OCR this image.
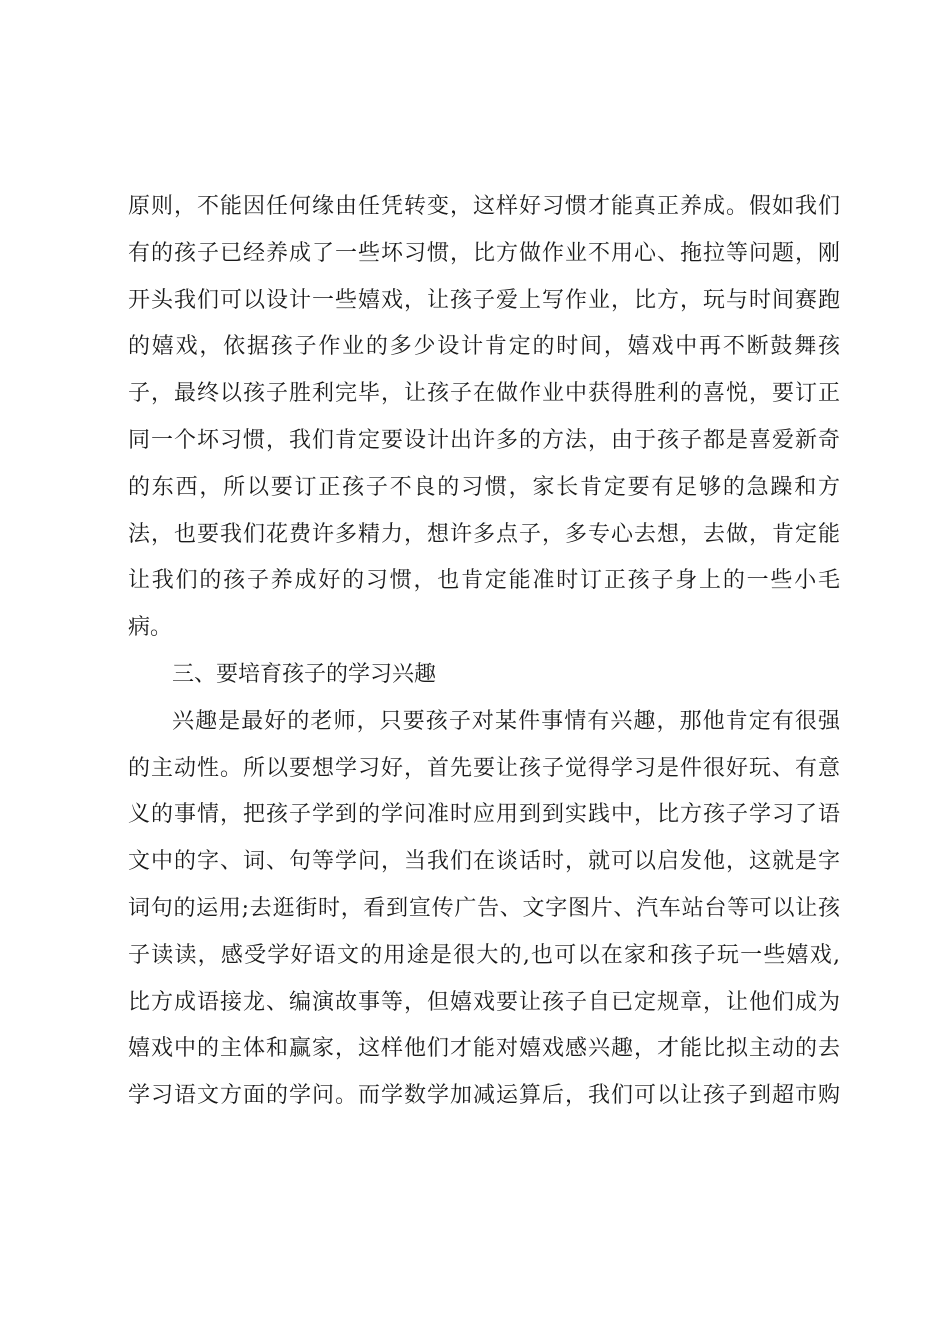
原则，不能因任何缘由任凭转变，这样好习惯才能真正养成。假如我们
有的孩子已经养成了一些坏习惯，比方做作业不用心、拖拉等问题，刚
开头我们可以设计一些嬉戏，让孩子爱上写作业，比方，玩与时间赛跑
的嬉戏，依据孩子作业的多少设计肯定的时间，嬉戏中再不断鼓舞孩
子，最终以孩子胜利完毕，让孩子在做作业中获得胜利的喜悦，要订正
同一个坏习惯，我们肯定要设计出许多的方法，由于孩子都是喜爱新奇
的东西，所以要订正孩子不良的习惯，家长肯定要有足够的急躁和方
法，也要我们花费许多精力，想许多点子，多专心去想，去做，肯定能
让我们的孩子养成好的习惯，也肯定能准时订正孩子身上的一些小毛
病。
三、要培育孩子的学习兴趣
兴趣是最好的老师，只要孩子对某件事情有兴趣，那他肯定有很强
的主动性。所以要想学习好，首先要让孩子觉得学习是件很好玩、有意
义的事情，把孩子学到的学问准时应用到到实践中，比方孩子学习了语
文中的字、词、句等学问，当我们在谈话时，就可以启发他，这就是字
词句的运用;去逛街时，看到宣传广告、文字图片、汽车站台等可以让孩
子读读，感受学好语文的用途是很大的,也可以在家和孩子玩一些嬉戏,
比方成语接龙、编演故事等，但嬉戏要让孩子自已定规章，让他们成为
嬉戏中的主体和赢家，这样他们才能对嬉戏感兴趣，才能比拟主动的去
学习语文方面的学问。而学数学加减运算后，我们可以让孩子到超市购
